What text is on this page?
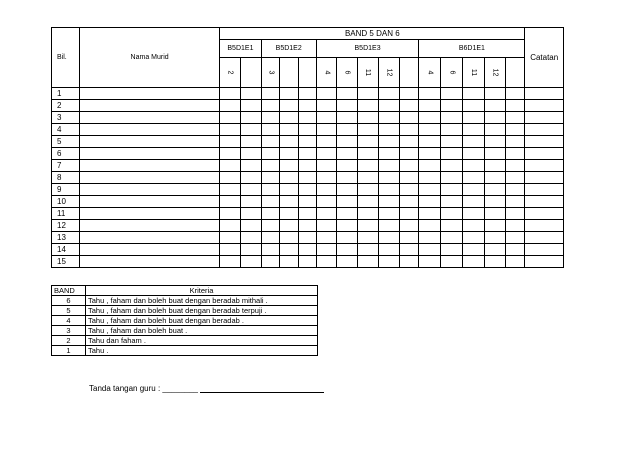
Bil.	Nama Murid	BAND 5 DAN 6															Catatan
		B5D1E1		B5D1E2			B5D1E3					B6D1E1					
		2		3			4	6	11	12		4	6	11	12		
1																	
2																	
3																	
4																	
5																	
6																	
7																	
8																	
9																	
10																	
11																	
12																	
13																	
14																	
15																	
BAND	Kriteria
6	Tahu , faham dan boleh buat dengan beradab mithali .
5	Tahu , faham dan boleh buat dengan beradab terpuji .
4	Tahu , faham dan boleh buat dengan beradab .
3	Tahu , faham dan boleh buat .
2	Tahu dan faham .
1	Tahu .
Tanda tangan guru : ________
